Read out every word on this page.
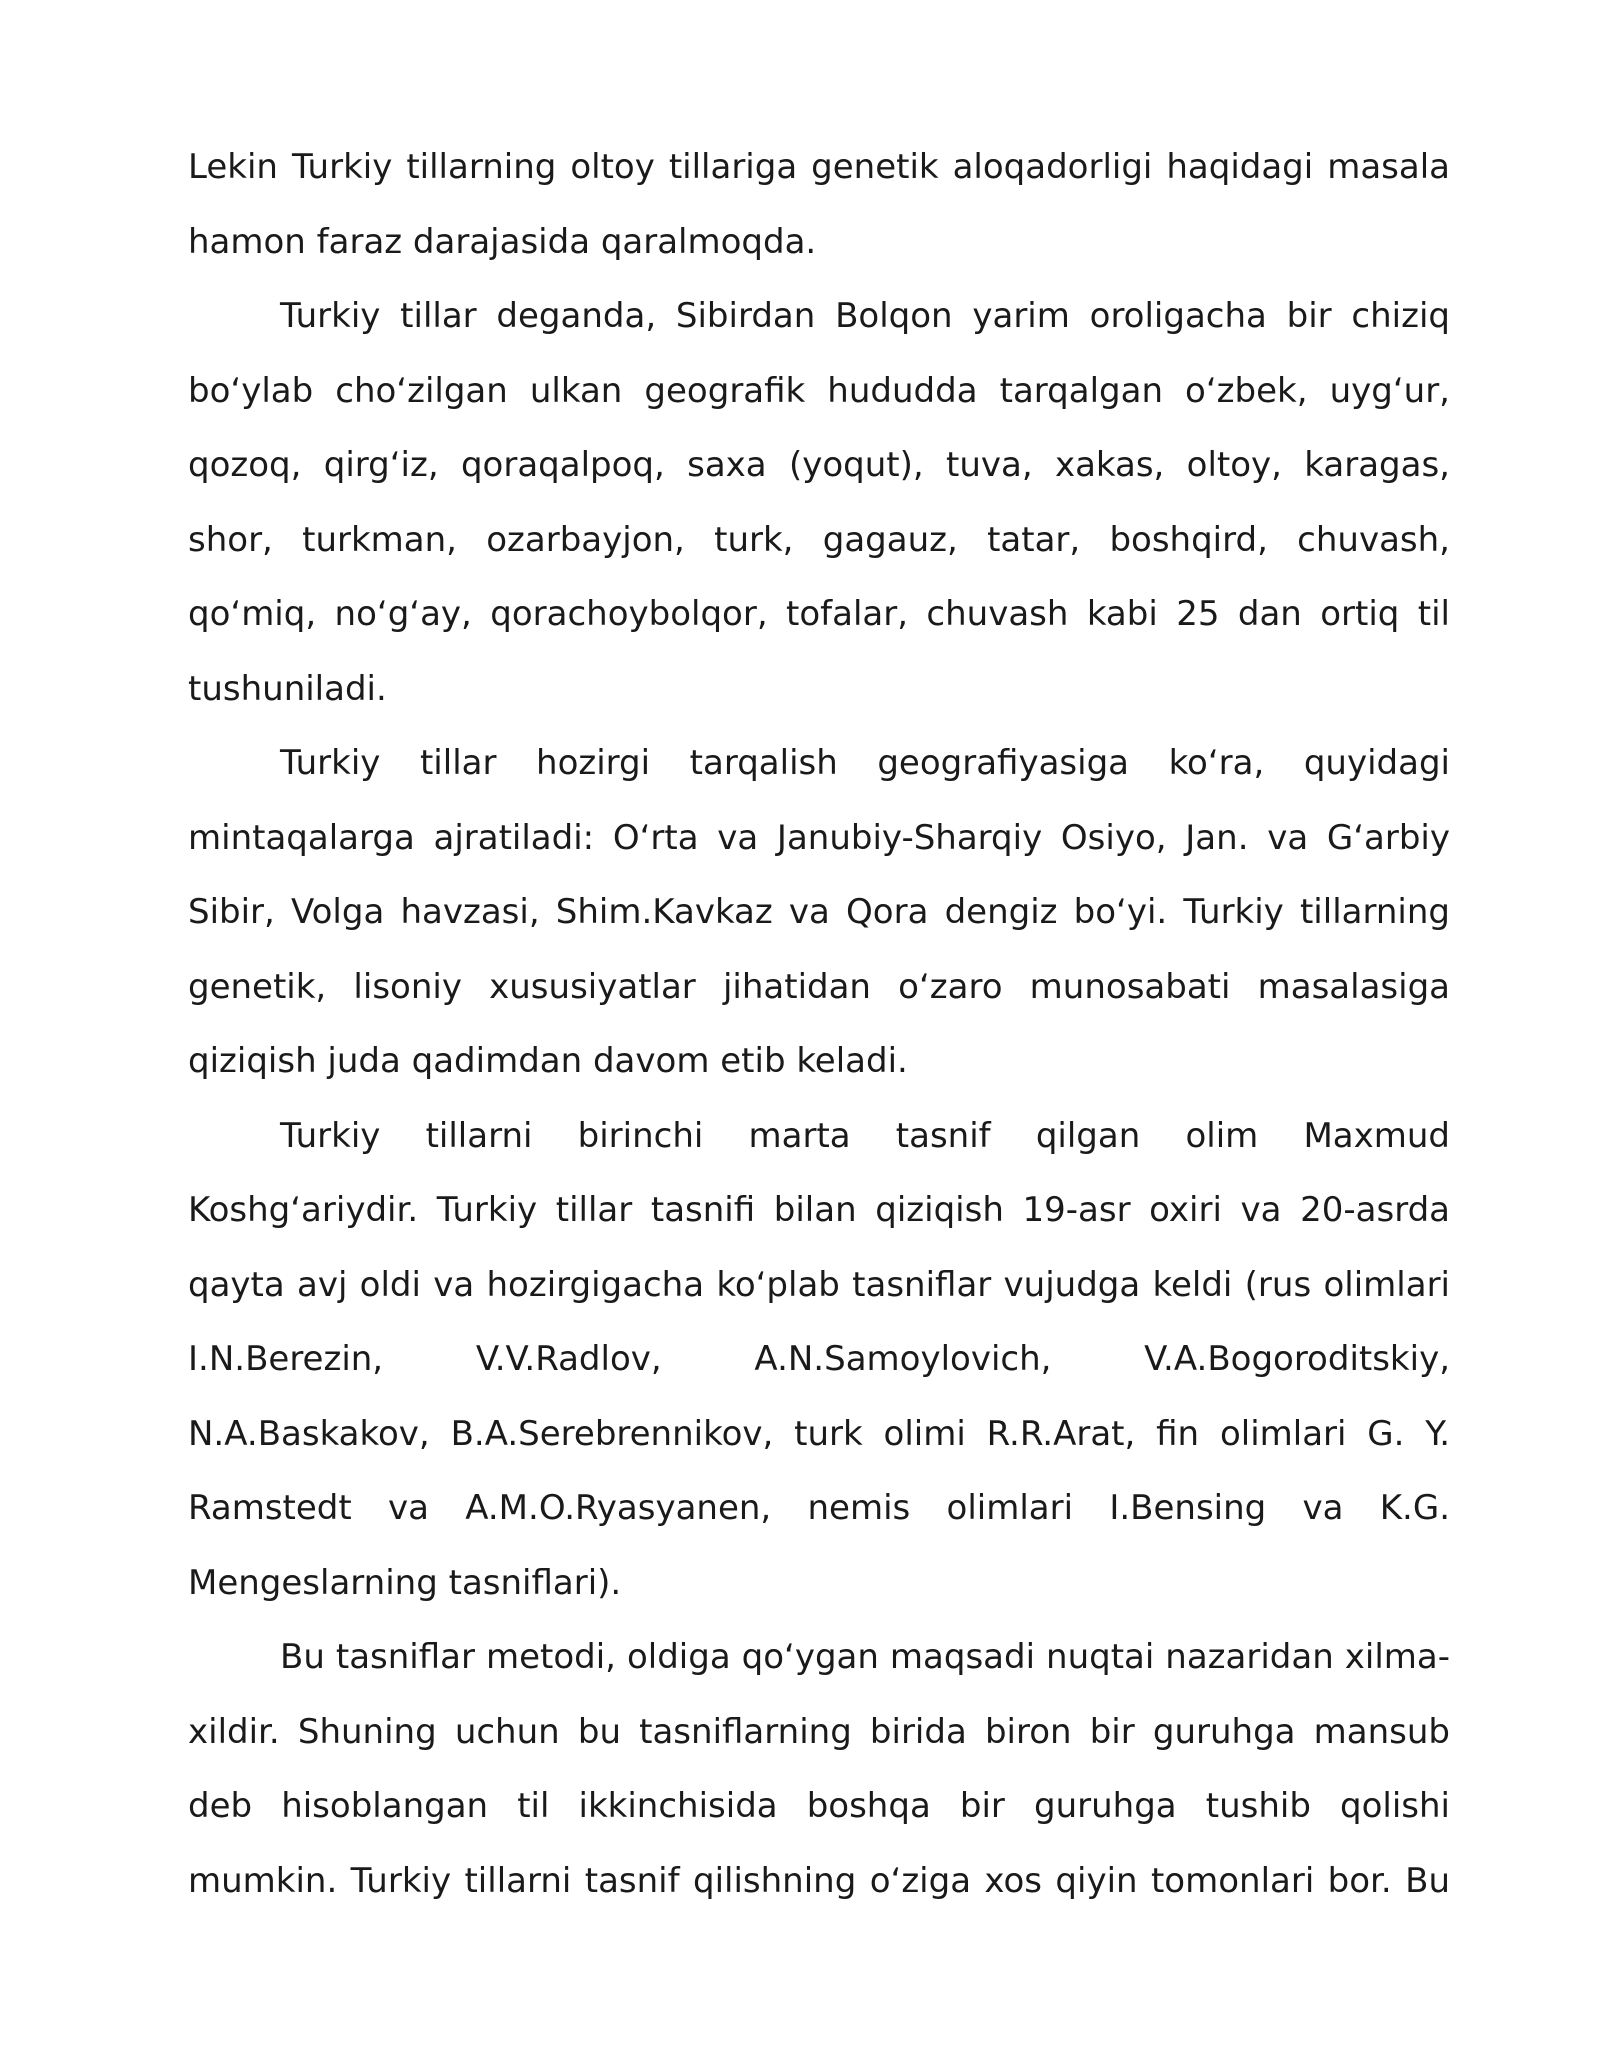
Lekin Turkiy tillarning oltoy tillariga genetik aloqadorligi haqidagi masala hamon faraz darajasida qaralmoqda.

Turkiy tillar deganda, Sibirdan Bolqon yarim oroligacha bir chiziq boʻylab choʻzilgan ulkan geografik hududda tarqalgan oʻzbek, uygʻur, qozoq, qirgʻiz, qoraqalpoq, saxa (yoqut), tuva, xakas, oltoy, karagas, shor, turkman, ozarbayjon, turk, gagauz, tatar, boshqird, chuvash, qoʻmiq, noʻgʻay, qorachoybolqor, tofalar, chuvash kabi 25 dan ortiq til tushuniladi.

Turkiy tillar hozirgi tarqalish geografiyasiga koʻra, quyidagi mintaqalarga ajratiladi: Oʻrta va Janubiy-Sharqiy Osiyo, Jan. va Gʻarbiy Sibir, Volga havzasi, Shim.Kavkaz va Qora dengiz boʻyi. Turkiy tillarning genetik, lisoniy xususiyatlar jihatidan oʻzaro munosabati masalasiga qiziqish juda qadimdan davom etib keladi.

Turkiy tillarni birinchi marta tasnif qilgan olim Maxmud Koshgʻariydir. Turkiy tillar tasnifi bilan qiziqish 19-asr oxiri va 20-asrda qayta avj oldi va hozirgigacha koʻplab tasniflar vujudga keldi (rus olimlari I.N.Berezin, V.V.Radlov, A.N.Samoylovich, V.A.Bogoroditskiy, N.A.Baskakov, B.A.Serebrennikov, turk olimi R.R.Arat, fin olimlari G. Y. Ramstedt va A.M.O.Ryasyanen, nemis olimlari I.Bensing va K.G. Mengeslarning tasniflari).

Bu tasniflar metodi, oldiga qoʻygan maqsadi nuqtai nazaridan xilma-xildir. Shuning uchun bu tasniflarning birida biron bir guruhga mansub deb hisoblangan til ikkinchisida boshqa bir guruhga tushib qolishi mumkin. Turkiy tillarni tasnif qilishning oʻziga xos qiyin tomonlari bor. Bu
